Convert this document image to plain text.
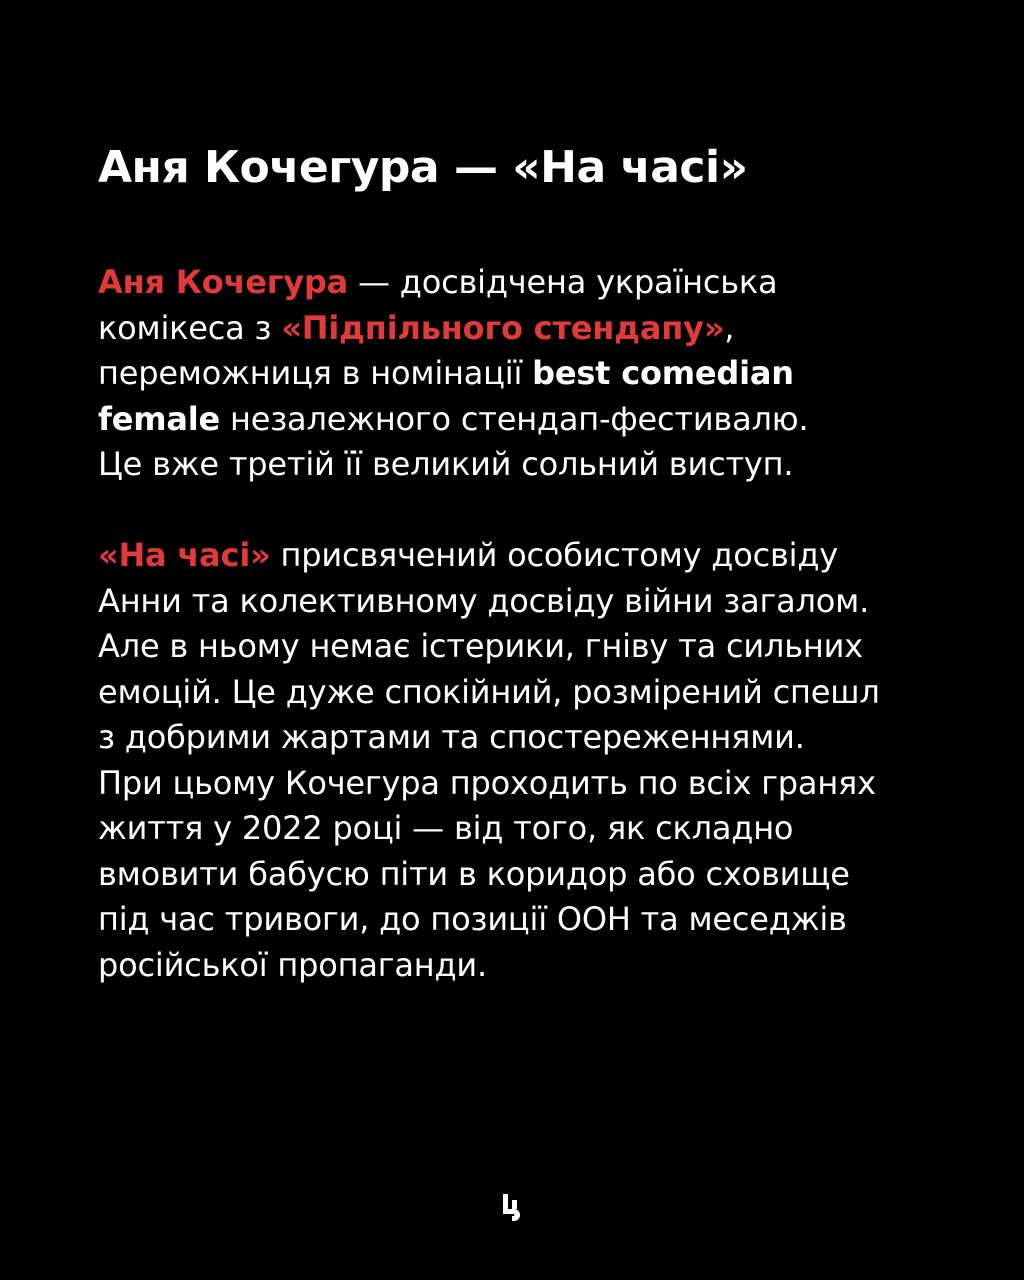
Аня Кочегура — «На часі»

Аня Кочегура — досвідчена українська
комікеса з «Підпільного стендапу»,
переможниця в номінації best comedian
female незалежного стендап-фестивалю.
Це вже третій її великий сольний виступ.

«На часі» присвячений особистому досвіду
Анни та колективному досвіду війни загалом.
Але в ньому немає істерики, гніву та сильних
емоцій. Це дуже спокійний, розмірений спешл
з добрими жартами та спостереженнями.
При цьому Кочегура проходить по всіх гранях
життя у 2022 році — від того, як складно
вмовити бабусю піти в коридор або сховище
під час тривоги, до позиції ООН та меседжів
російської пропаганди.
